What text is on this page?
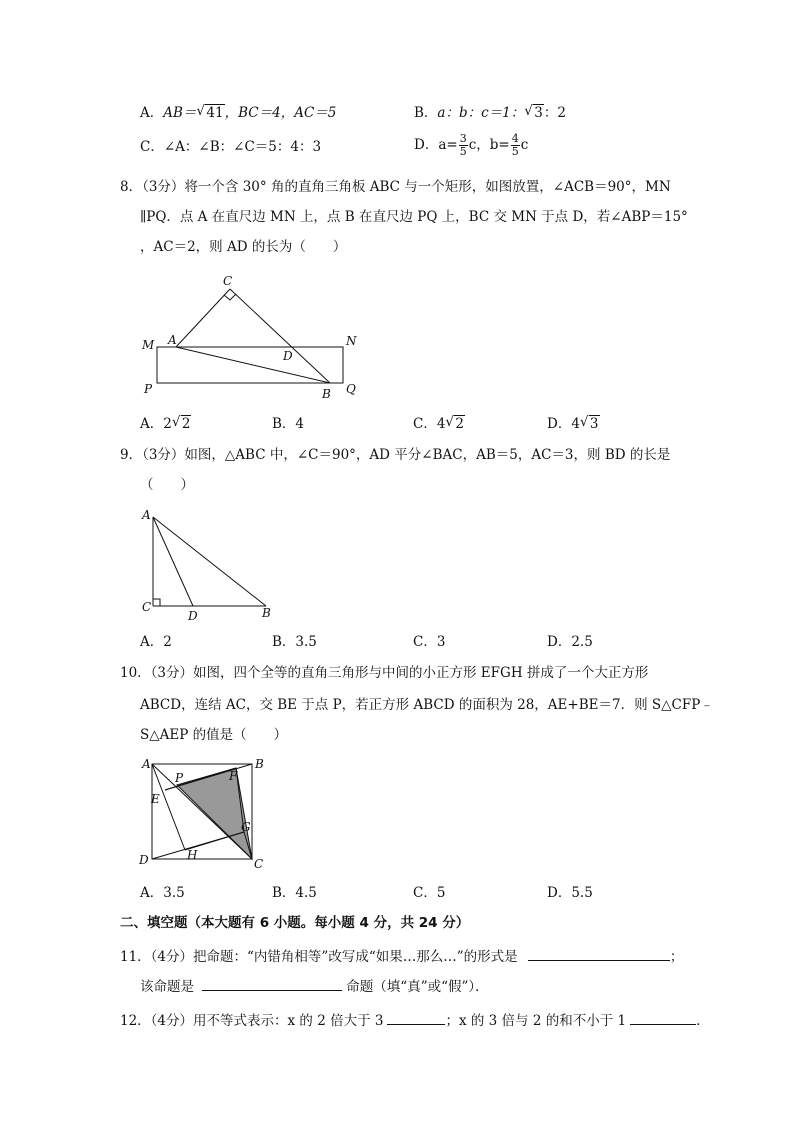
A．AB＝ √ 41，BC＝4，AC＝5	B．a：b：c＝1： √ 3：2
C．∠A：∠B：∠C＝5：4：3	D．$a= \frac{3}{5}$ c，$b= \frac{4}{5}$ c
8．（3分）将一个含 30° 角的直角三角板 ABC 与一个矩形，如图放置，∠ACB＝90°，MN
∥PQ．点 A 在直尺边 MN 上，点 B 在直尺边 PQ 上，BC 交 MN 于点 D，若∠ABP＝15°
，AC＝2，则 AD 的长为（　　）
C
M A	N
D
P	B Q
A．2 √ 2	B．4	C．4 √ 2	D．4 √ 3
9．（3分）如图，△ABC 中，∠C＝90°，AD 平分∠BAC，AB＝5，AC＝3，则 BD 的长是
（　　）
A
C
D	B
A．2	B．3.5	C．3	D．2.5
10．（3分）如图，四个全等的直角三角形与中间的小正方形 EFGH 拼成了一个大正方形
ABCD，连结 AC，交 BE 于点 P，若正方形 ABCD 的面积为 28，AE+BE＝7．则 S△CFP﹣
S△AEP 的值是（　　）
A	B
P	F
E
G
D	H
C
A．3.5	B．4.5	C．5	D．5.5
二、填空题（本大题有 6 小题。每小题 4 分，共 24 分）
11．（4分）把命题：“内错角相等”改写成“如果…那么…”的形式是	；
该命题是	命题（填“真”或“假”）．
12．（4分）用不等式表示：x 的 2 倍大于 3	；x 的 3 倍与 2 的和不小于 1	．
